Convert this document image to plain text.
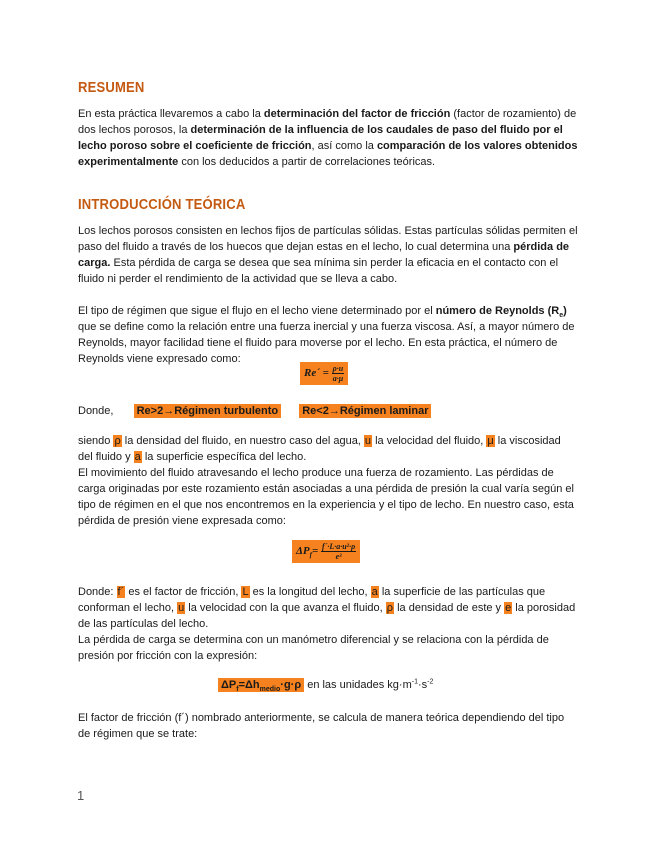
RESUMEN
En esta práctica llevaremos a cabo la determinación del factor de fricción (factor de rozamiento) de dos lechos porosos, la determinación de la influencia de los caudales de paso del fluido por el lecho poroso sobre el coeficiente de fricción, así como la comparación de los valores obtenidos experimentalmente con los deducidos a partir de correlaciones teóricas.
INTRODUCCIÓN TEÓRICA
Los lechos porosos consisten en lechos fijos de partículas sólidas. Estas partículas sólidas permiten el paso del fluido a través de los huecos que dejan estas en el lecho, lo cual determina una pérdida de carga. Esta pérdida de carga se desea que sea mínima sin perder la eficacia en el contacto con el fluido ni perder el rendimiento de la actividad que se lleva a cabo.
El tipo de régimen que sigue el flujo en el lecho viene determinado por el número de Reynolds $(R_e)$ que se define como la relación entre una fuerza inercial y una fuerza viscosa. Así, a mayor número de Reynolds, mayor facilidad tiene el fluido para moverse por el lecho. En esta práctica, el número de Reynolds viene expresado como:
Re´ = $\frac{\rho\cdot u}{a\cdot\mu}$
Donde, Re>2→Régimen turbulento Re<2→Régimen laminar
siendo ρ la densidad del fluido, en nuestro caso del agua, u la velocidad del fluido, μ la viscosidad del fluido y a la superficie específica del lecho.
El movimiento del fluido atravesando el lecho produce una fuerza de rozamiento. Las pérdidas de carga originadas por este rozamiento están asociadas a una pérdida de presión la cual varía según el tipo de régimen en el que nos encontremos en la experiencia y el tipo de lecho. En nuestro caso, esta pérdida de presión viene expresada como:
$\Delta P_f= \frac{\text{f´·L·a·u²·ρ}}{\text{e³}}$
Donde: f´ es el factor de fricción, L es la longitud del lecho, a la superficie de las partículas que conforman el lecho, u la velocidad con la que avanza el fluido, ρ la densidad de este y e la porosidad de las partículas del lecho.
La pérdida de carga se determina con un manómetro diferencial y se relaciona con la pérdida de presión por fricción con la expresión:
$\Delta P_f=\Delta h_{medio}\cdot g\cdot\rho$ en las unidades $kg\cdot m^{-1}\cdot s^{-2}$
El factor de fricción (f´) nombrado anteriormente, se calcula de manera teórica dependiendo del tipo de régimen que se trate:
1
